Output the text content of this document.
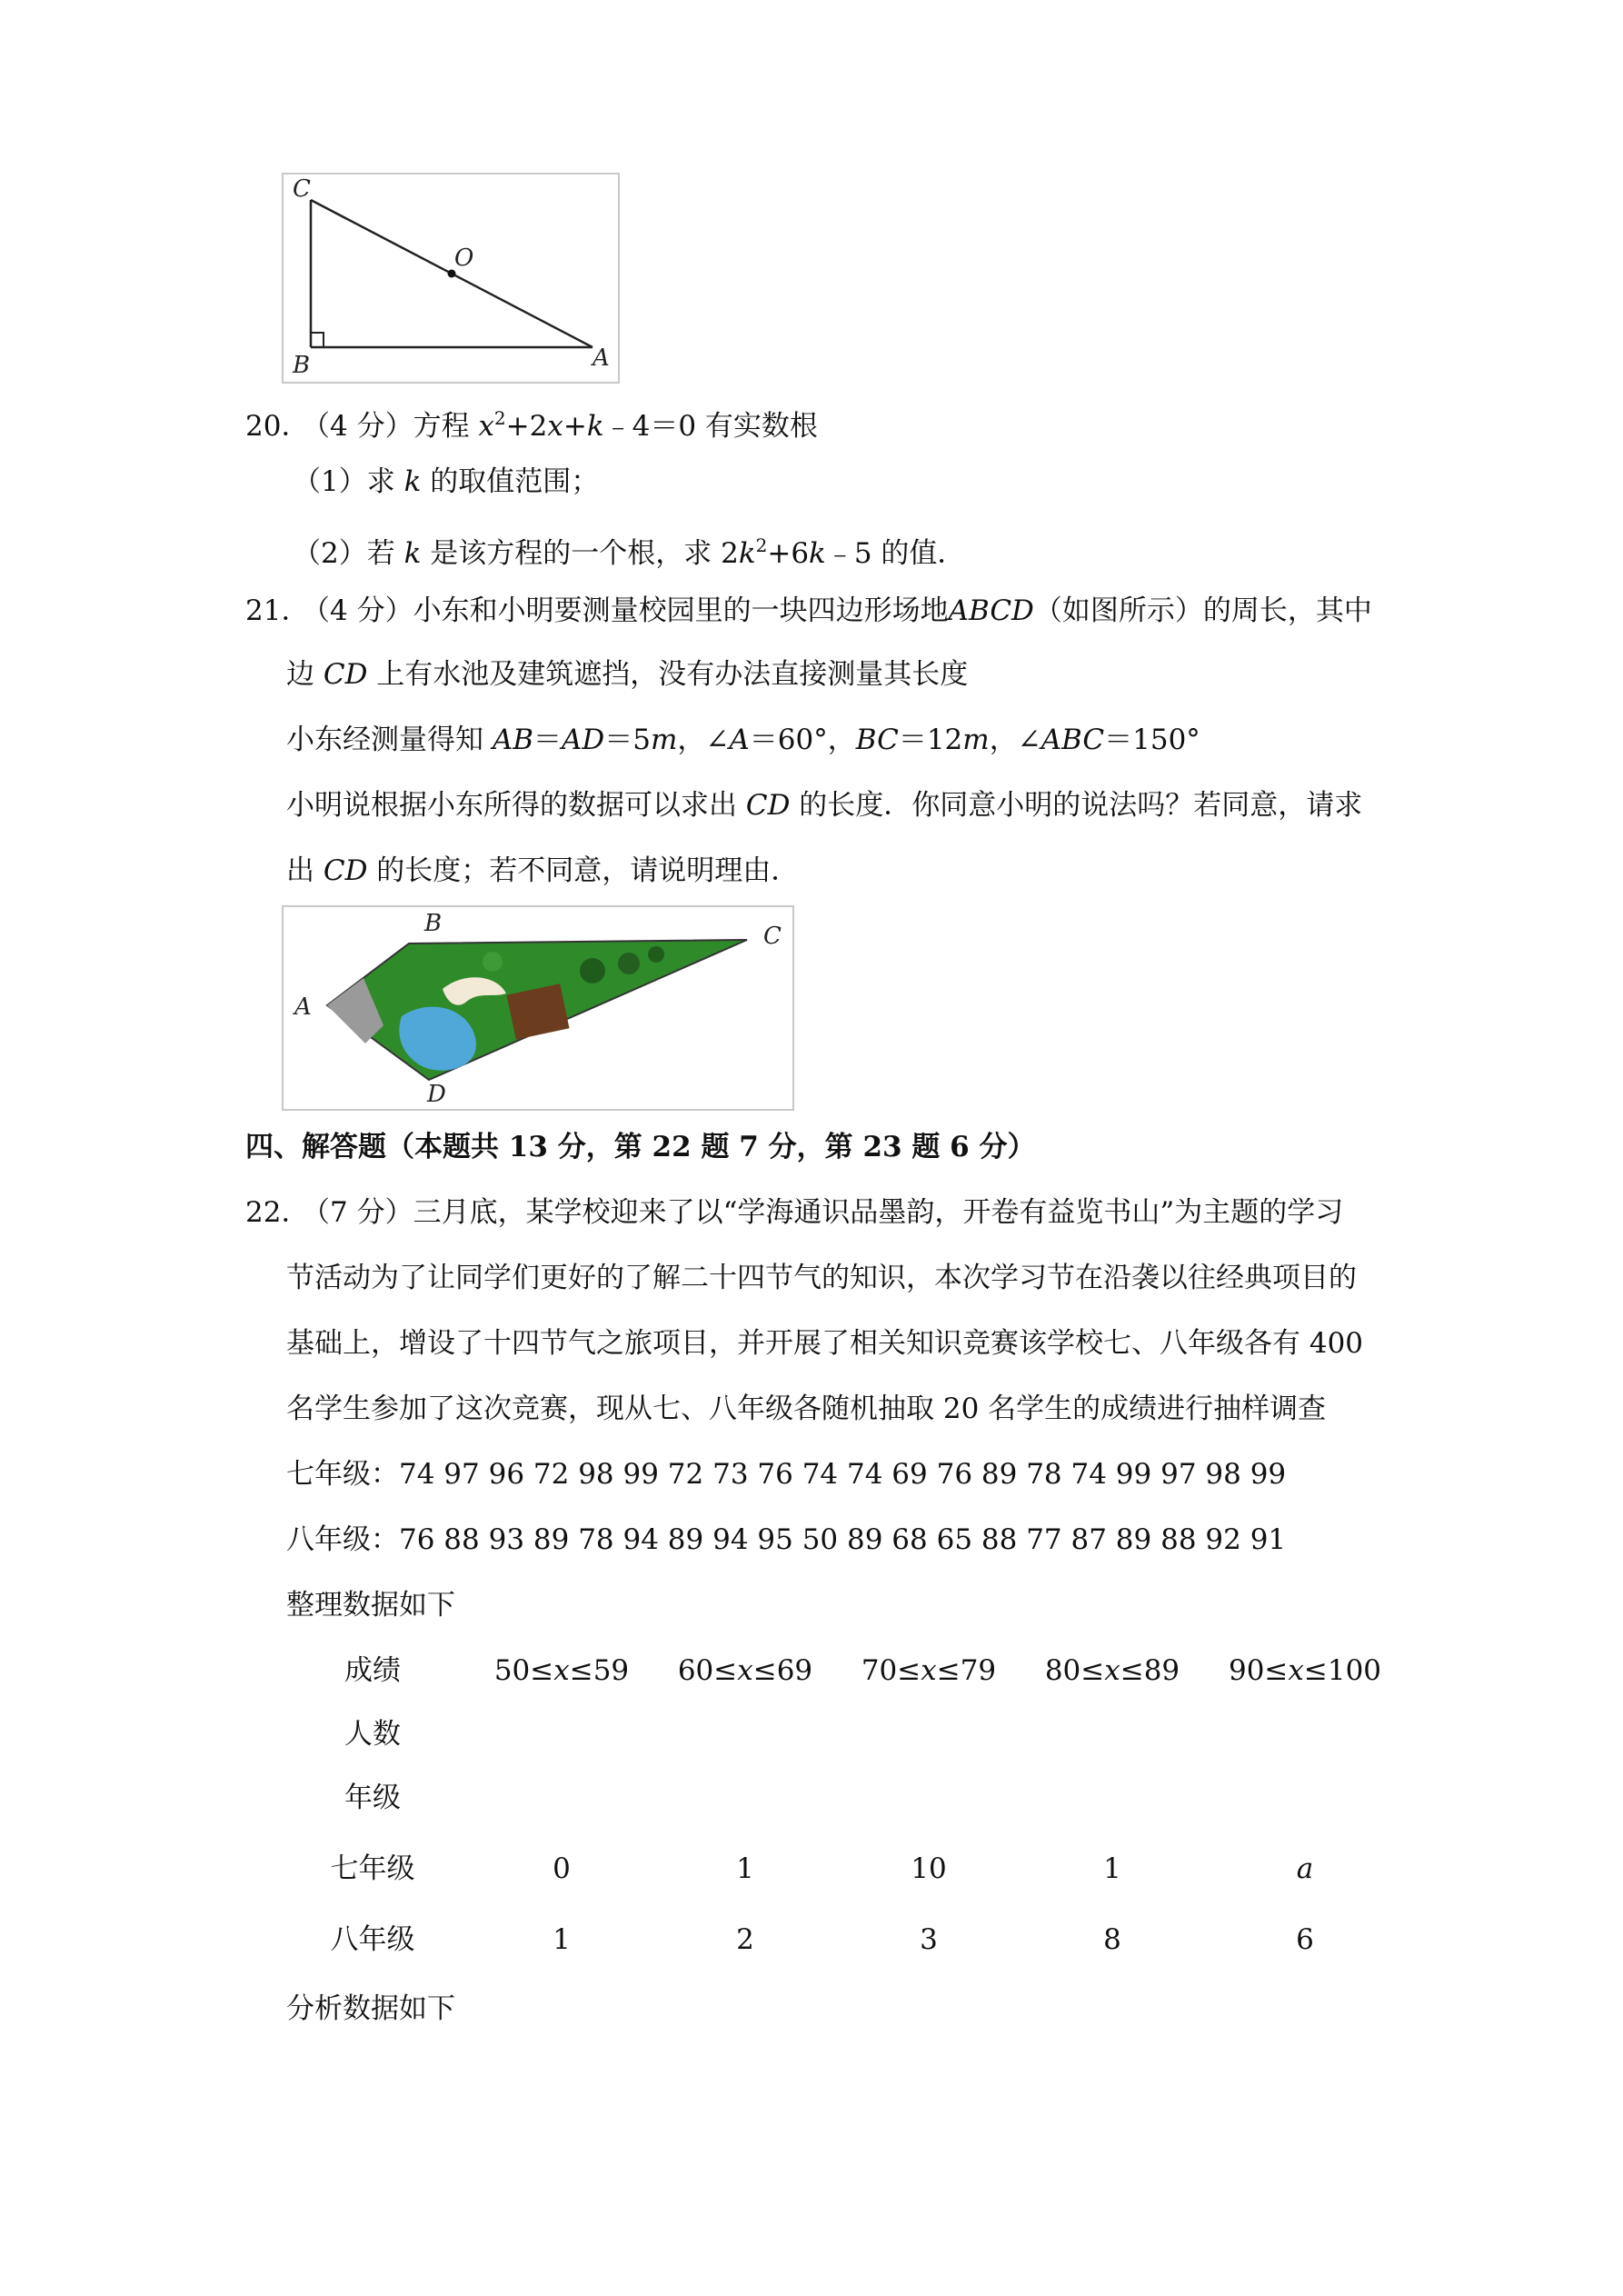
C
O
B	A
20．（4 分）方程 $x^2+2x+k﹣4=0$ 有实数根
（1）求 k 的取值范围；
（2）若 k 是该方程的一个根，求 $2k^2+6k﹣5$ 的值．
21．（4 分）小东和小明要测量校园里的一块四边形场地ABCD（如图所示）的周长，其中
边 CD 上有水池及建筑遮挡，没有办法直接测量其长度
小东经测量得知 AB＝AD＝5m，∠A＝60°，BC＝12m，∠ABC＝150°
小明说根据小东所得的数据可以求出 CD 的长度．你同意小明的说法吗？若同意，请求
出 CD 的长度；若不同意，请说明理由．
B	C
A
D
四、解答题（本题共 13 分，第 22 题 7 分，第 23 题 6 分）
22．（7 分）三月底，某学校迎来了以“学海通识品墨韵，开卷有益览书山”为主题的学习
节活动为了让同学们更好的了解二十四节气的知识，本次学习节在沿袭以往经典项目的
基础上，增设了十四节气之旅项目，并开展了相关知识竞赛该学校七、八年级各有 400
名学生参加了这次竞赛，现从七、八年级各随机抽取 20 名学生的成绩进行抽样调查
七年级：74 97 96 72 98 99 72 73 76 74 74 69 76 89 78 74 99 97 98 99
八年级：76 88 93 89 78 94 89 94 95 50 89 68 65 88 77 87 89 88 92 91
整理数据如下
成绩
人数
年级
50≤x≤59	60≤x≤69	70≤x≤79	80≤x≤89	90≤x≤100
七年级	0	1	10	1	a
八年级	1	2	3	8	6
分析数据如下
